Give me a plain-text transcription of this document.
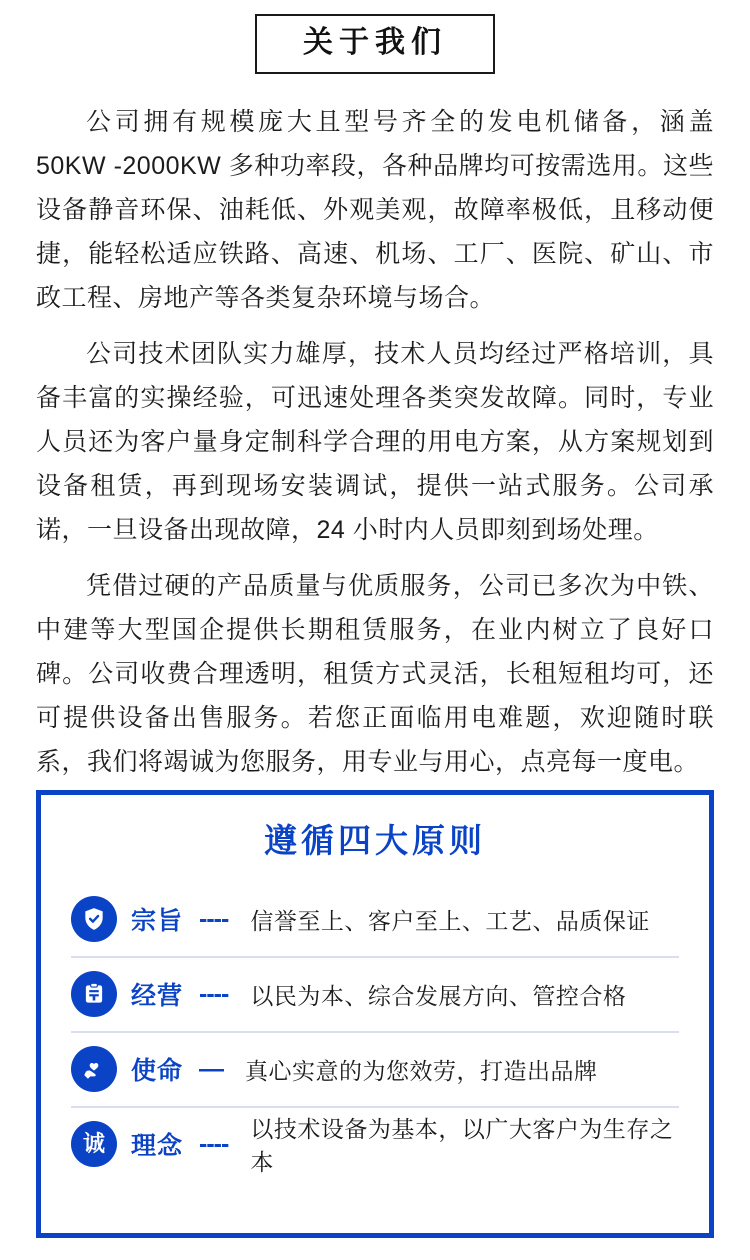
关于我们

公司拥有规模庞大且型号齐全的发电机储备，涵盖50KW -2000KW 多种功率段，各种品牌均可按需选用。这些设备静音环保、油耗低、外观美观，故障率极低，且移动便捷，能轻松适应铁路、高速、机场、工厂、医院、矿山、市政工程、房地产等各类复杂环境与场合。

公司技术团队实力雄厚，技术人员均经过严格培训，具备丰富的实操经验，可迅速处理各类突发故障。同时，专业人员还为客户量身定制科学合理的用电方案，从方案规划到设备租赁，再到现场安装调试，提供一站式服务。公司承诺，一旦设备出现故障，24 小时内人员即刻到场处理。

凭借过硬的产品质量与优质服务，公司已多次为中铁、中建等大型国企提供长期租赁服务，在业内树立了良好口碑。公司收费合理透明，租赁方式灵活，长租短租均可，还可提供设备出售服务。若您正面临用电难题，欢迎随时联系，我们将竭诚为您服务，用专业与用心，点亮每一度电。

遵循四大原则
宗旨 ---- 信誉至上、客户至上、工艺、品质保证
经营 ---- 以民为本、综合发展方向、管控合格
使命 — 真心实意的为您效劳，打造出品牌
诚 理念 ----
以技术设备为基本，以广大客户为生存之本
